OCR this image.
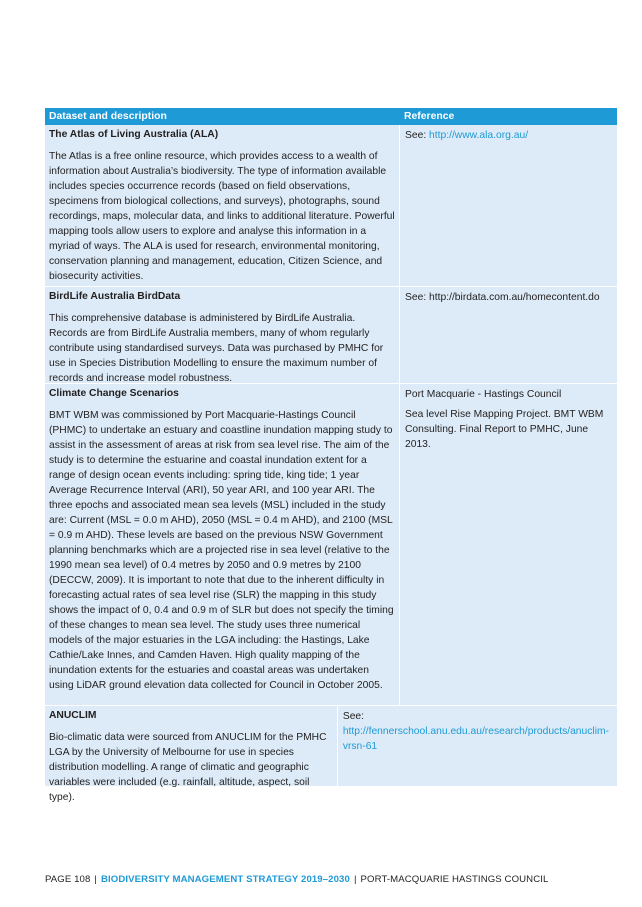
Dataset and description	Reference

The Atlas of Living Australia (ALA)

The Atlas is a free online resource, which provides access to a wealth of information about Australia’s biodiversity. The type of information available includes species occurrence records (based on field observations, specimens from biological collections, and surveys), photographs, sound recordings, maps, molecular data, and links to additional literature. Powerful mapping tools allow users to explore and analyse this information in a myriad of ways. The ALA is used for research, environmental monitoring, conservation planning and management, education, Citizen Science, and biosecurity activities.

See: http://www.ala.org.au/

BirdLife Australia BirdData

This comprehensive database is administered by BirdLife Australia. Records are from BirdLife Australia members, many of whom regularly contribute using standardised surveys. Data was purchased by PMHC for use in Species Distribution Modelling to ensure the maximum number of records and increase model robustness.

See: http://birdata.com.au/homecontent.do

Climate Change Scenarios

BMT WBM was commissioned by Port Macquarie-Hastings Council (PHMC) to undertake an estuary and coastline inundation mapping study to assist in the assessment of areas at risk from sea level rise. The aim of the study is to determine the estuarine and coastal inundation extent for a range of design ocean events including: spring tide, king tide; 1 year Average Recurrence Interval (ARI), 50 year ARI, and 100 year ARI. The three epochs and associated mean sea levels (MSL) included in the study are: Current (MSL = 0.0 m AHD), 2050 (MSL = 0.4 m AHD), and 2100 (MSL = 0.9 m AHD). These levels are based on the previous NSW Government planning benchmarks which are a projected rise in sea level (relative to the 1990 mean sea level) of 0.4 metres by 2050 and 0.9 metres by 2100 (DECCW, 2009). It is important to note that due to the inherent difficulty in forecasting actual rates of sea level rise (SLR) the mapping in this study shows the impact of 0, 0.4 and 0.9 m of SLR but does not specify the timing of these changes to mean sea level. The study uses three numerical models of the major estuaries in the LGA including: the Hastings, Lake Cathie/Lake Innes, and Camden Haven. High quality mapping of the inundation extents for the estuaries and coastal areas was undertaken using LiDAR ground elevation data collected for Council in October 2005.

Port Macquarie - Hastings Council

Sea level Rise Mapping Project. BMT WBM Consulting. Final Report to PMHC, June 2013.

ANUCLIM

Bio-climatic data were sourced from ANUCLIM for the PMHC LGA by the University of Melbourne for use in species distribution modelling. A range of climatic and geographic variables were included (e.g. rainfall, altitude, aspect, soil type).

See: http://fennerschool.anu.edu.au/research/products/anuclim-vrsn-61

PAGE 108 | BIODIVERSITY MANAGEMENT STRATEGY 2019–2030 | PORT-MACQUARIE HASTINGS COUNCIL
